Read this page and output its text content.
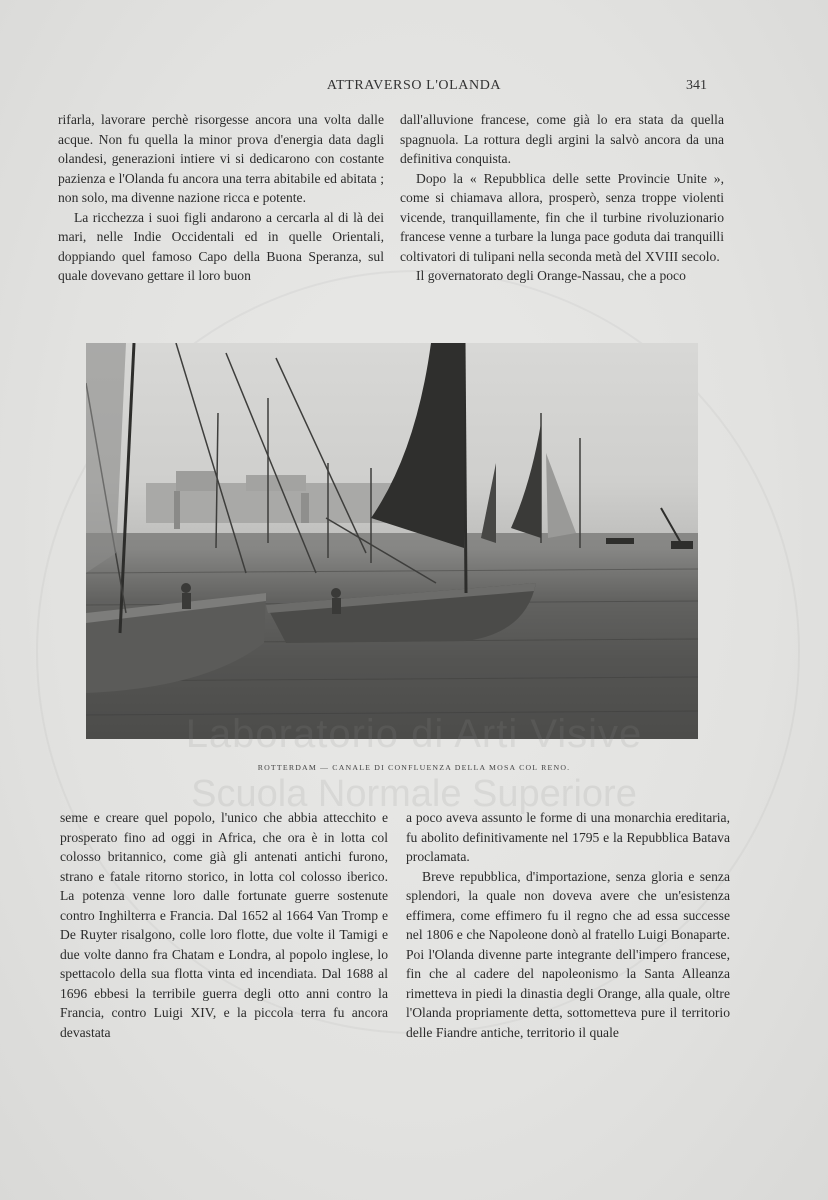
ATTRAVERSO L'OLANDA	341

rifarla, lavorare perchè risorgesse ancora una volta dalle acque. Non fu quella la minor prova d'energia data dagli olandesi, generazioni intiere vi si dedicarono con costante pazienza e l'Olanda fu ancora una terra abitabile ed abitata ; non solo, ma divenne nazione ricca e potente.

La ricchezza i suoi figli andarono a cercarla al di là dei mari, nelle Indie Occidentali ed in quelle Orientali, doppiando quel famoso Capo della Buona Speranza, sul quale dovevano gettare il loro buon

dall'alluvione francese, come già lo era stata da quella spagnuola. La rottura degli argini la salvò ancora da una definitiva conquista.

Dopo la « Repubblica delle sette Provincie Unite », come si chiamava allora, prosperò, senza troppe violenti vicende, tranquillamente, fin che il turbine rivoluzionario francese venne a turbare la lunga pace goduta dai tranquilli coltivatori di tulipani nella seconda metà del XVIII secolo.

Il governatorato degli Orange-Nassau, che a poco

ROTTERDAM — CANALE DI CONFLUENZA DELLA MOSA COL RENO.
Scuola Normale Superiore

seme e creare quel popolo, l'unico che abbia attecchito e prosperato fino ad oggi in Africa, che ora è in lotta col colosso britannico, come già gli antenati antichi furono, strano e fatale ritorno storico, in lotta col colosso iberico. La potenza venne loro dalle fortunate guerre sostenute contro Inghilterra e Francia. Dal 1652 al 1664 Van Tromp e De Ruyter risalgono, colle loro flotte, due volte il Tamigi e due volte danno fra Chatam e Londra, al popolo inglese, lo spettacolo della sua flotta vinta ed incendiata. Dal 1688 al 1696 ebbesi la terribile guerra degli otto anni contro la Francia, contro Luigi XIV, e la piccola terra fu ancora devastata

a poco aveva assunto le forme di una monarchia ereditaria, fu abolito definitivamente nel 1795 e la Repubblica Batava proclamata.

Breve repubblica, d'importazione, senza gloria e senza splendori, la quale non doveva avere che un'esistenza effimera, come effimero fu il regno che ad essa successe nel 1806 e che Napoleone donò al fratello Luigi Bonaparte. Poi l'Olanda divenne parte integrante dell'impero francese, fin che al cadere del napoleonismo la Santa Alleanza rimetteva in piedi la dinastia degli Orange, alla quale, oltre l'Olanda propriamente detta, sottometteva pure il territorio delle Fiandre antiche, territorio il quale
